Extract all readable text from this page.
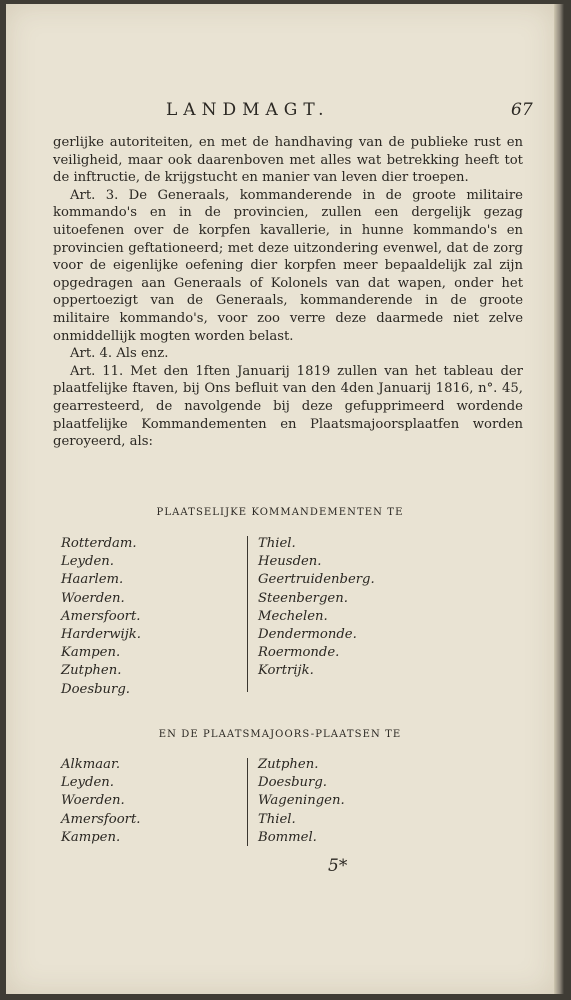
LANDMAGT.	67

gerlijke autoriteiten, en met de handhaving van de publieke rust en veiligheid, maar ook daarenboven met alles wat betrekking heeft tot de inftructie, de krijgstucht en manier van leven dier troepen.

Art. 3. De Generaals, kommanderende in de groote militaire kommando's en in de provincien, zullen een dergelijk gezag uitoefenen over de korpfen kavallerie, in hunne kommando's en provincien geftationeerd; met deze uitzondering evenwel, dat de zorg voor de eigenlijke oefening dier korpfen meer bepaaldelijk zal zijn opgedragen aan Generaals of Kolonels van dat wapen, onder het oppertoezigt van de Generaals, kommanderende in de groote militaire kommando's, voor zoo verre deze daarmede niet zelve onmiddellijk mogten worden belast.

Art. 4. Als enz.

Art. 11. Met den 1ften Januarij 1819 zullen van het tableau der plaatfelijke ftaven, bij Ons befluit van den 4den Januarij 1816, n°. 45, gearresteerd, de navolgende bij deze gefupprimeerd wordende plaatfelijke Kommandementen en Plaatsmajoorsplaatfen worden geroyeerd, als:

PLAATSELIJKE KOMMANDEMENTEN TE
Rotterdam.
Leyden.
Haarlem.
Woerden.
Amersfoort.
Harderwijk.
Kampen.
Zutphen.
Doesburg.
Thiel.
Heusden.
Geertruidenberg.
Steenbergen.
Mechelen.
Dendermonde.
Roermonde.
Kortrijk.
EN DE PLAATSMAJOORS-PLAATSEN TE
Alkmaar.
Leyden.
Woerden.
Amersfoort.
Kampen.
Zutphen.
Doesburg.
Wageningen.
Thiel.
Bommel.
5*
